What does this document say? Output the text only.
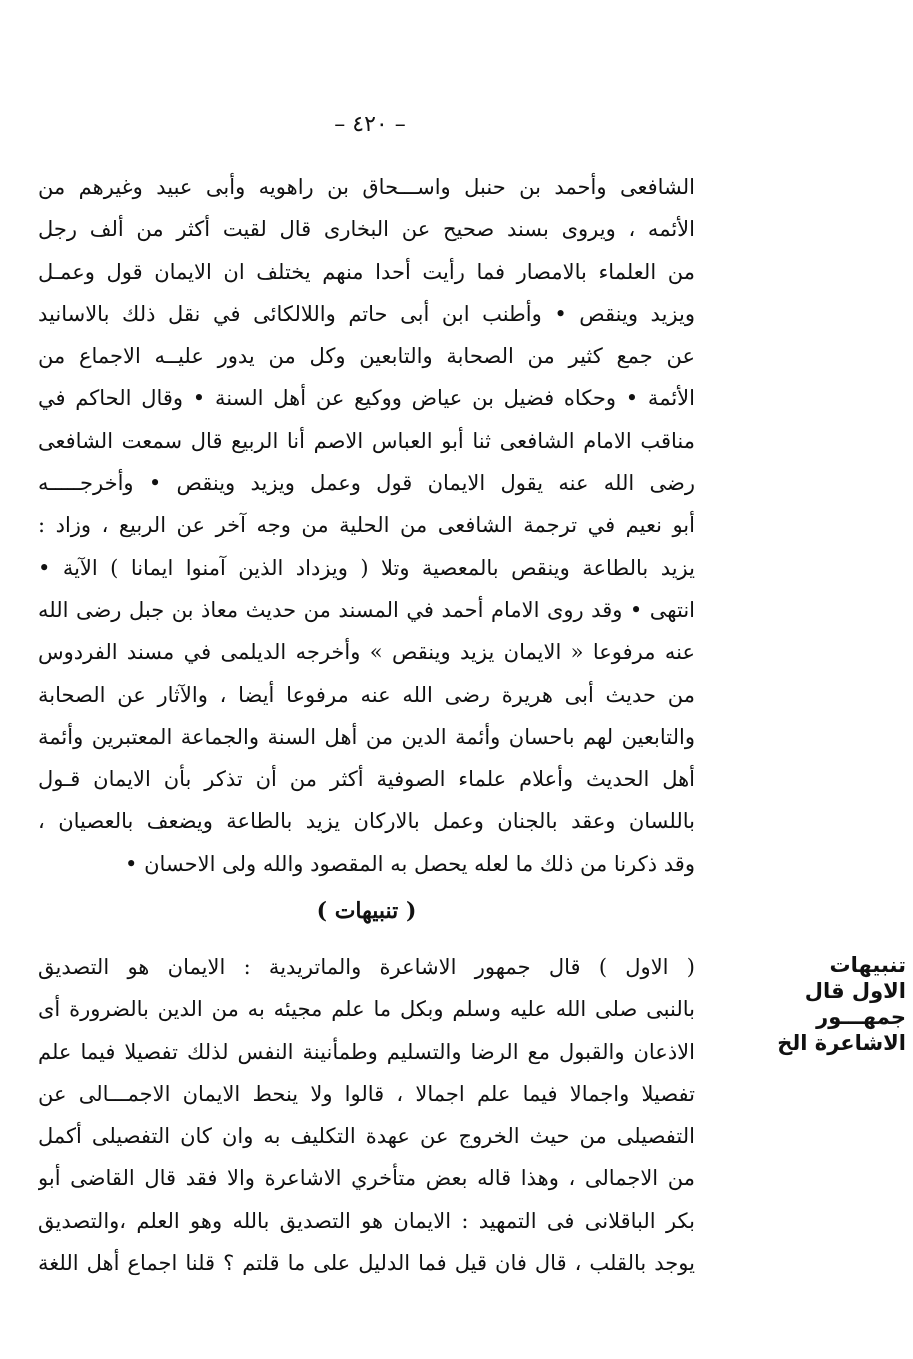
– ٤٢٠ –
الشافعى وأحمد بن حنبل واســـحاق بن راهويه وأبى عبيد وغيرهم من
الأئمه ، ويروى بسند صحيح عن البخارى قال لقيت أكثر من ألف رجل
من العلماء بالامصار فما رأيت أحدا منهم يختلف ان الايمان قول وعمـل
ويزيد وينقص • وأطنب ابن أبى حاتم واللالكائى في نقل ذلك بالاسانيد
عن جمع كثير من الصحابة والتابعين وكل من يدور عليــه الاجماع من
الأئمة • وحكاه فضيل بن عياض ووكيع عن أهل السنة • وقال الحاكم في
مناقب الامام الشافعى ثنا أبو العباس الاصم أنا الربيع قال سمعت الشافعى
رضى الله عنه يقول الايمان قول وعمل ويزيد وينقص • وأخرجـــــه
أبو نعيم في ترجمة الشافعى من الحلية من وجه آخر عن الربيع ، وزاد :
يزيد بالطاعة وينقص بالمعصية وتلا ( ويزداد الذين آمنوا ايمانا ) الآية •
انتهى • وقد روى الامام أحمد في المسند من حديث معاذ بن جبل رضى الله
عنه مرفوعا « الايمان يزيد وينقص » وأخرجه الديلمى في مسند الفردوس
من حديث أبى هريرة رضى الله عنه مرفوعا أيضا ، والآثار عن الصحابة
والتابعين لهم باحسان وأئمة الدين من أهل السنة والجماعة المعتبرين وأئمة
أهل الحديث وأعلام علماء الصوفية أكثر من أن تذكر بأن الايمان قـول
باللسان وعقد بالجنان وعمل بالاركان يزيد بالطاعة ويضعف بالعصيان ،
وقد ذكرنا من ذلك ما لعله يحصل به المقصود والله ولى الاحسان •
( تنبيهات )
تنبيهات
الاول قال
جمهـــور
الاشاعرة الخ
( الاول ) قال جمهور الاشاعرة والماتريدية : الايمان هو التصديق
بالنبى صلى الله عليه وسلم وبكل ما علم مجيئه به من الدين بالضرورة أى
الاذعان والقبول مع الرضا والتسليم وطمأنينة النفس لذلك تفصيلا فيما علم
تفصيلا واجمالا فيما علم اجمالا ، قالوا ولا ينحط الايمان الاجمـــالى عن
التفصيلى من حيث الخروج عن عهدة التكليف به وان كان التفصيلى أكمل
من الاجمالى ، وهذا قاله بعض متأخري الاشاعرة والا فقد قال القاضى أبو
بكر الباقلانى فى التمهيد : الايمان هو التصديق بالله وهو العلم ،والتصديق
يوجد بالقلب ، قال فان قيل فما الدليل على ما قلتم ؟ قلنا اجماع أهل اللغة
